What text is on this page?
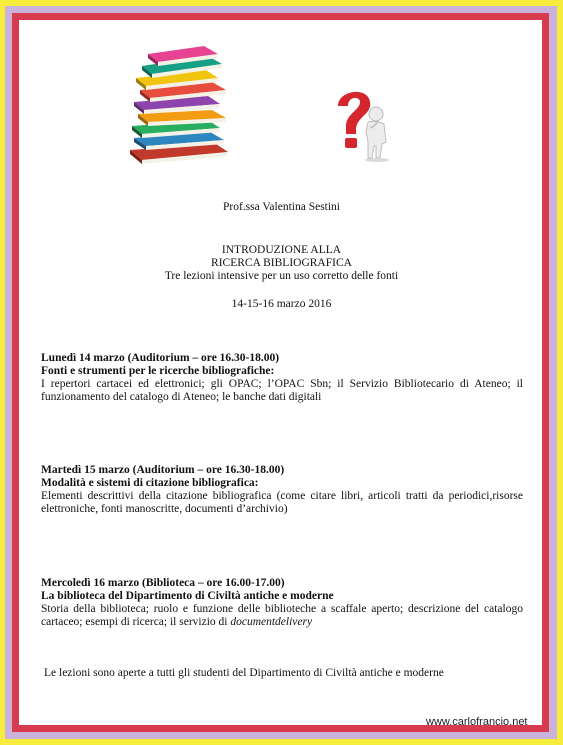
Prof.ssa Valentina Sestini
INTRODUZIONE ALLA
RICERCA BIBLIOGRAFICA
Tre lezioni intensive per un uso corretto delle fonti
14-15-16 marzo 2016
Lunedì 14 marzo (Auditorium – ore 16.30-18.00)
Fonti e strumenti per le ricerche bibliografiche:
I repertori cartacei ed elettronici; gli OPAC; l’OPAC Sbn; il Servizio Bibliotecario di Ateneo; il funzionamento del catalogo di Ateneo; le banche dati digitali
Martedì 15 marzo (Auditorium – ore 16.30-18.00)
Modalità e sistemi di citazione bibliografica:
Elementi descrittivi della citazione bibliografica (come citare libri, articoli tratti da periodici,risorse elettroniche, fonti manoscritte, documenti d’archivio)
Mercoledì 16 marzo (Biblioteca – ore 16.00-17.00)
La biblioteca del Dipartimento di Civiltà antiche e moderne
Storia della biblioteca; ruolo e funzione delle biblioteche a scaffale aperto; descrizione del catalogo cartaceo; esempi di ricerca; il servizio di documentdelivery
Le lezioni sono aperte a tutti gli studenti del Dipartimento di Civiltà antiche e moderne
www.carlofrancio.net
